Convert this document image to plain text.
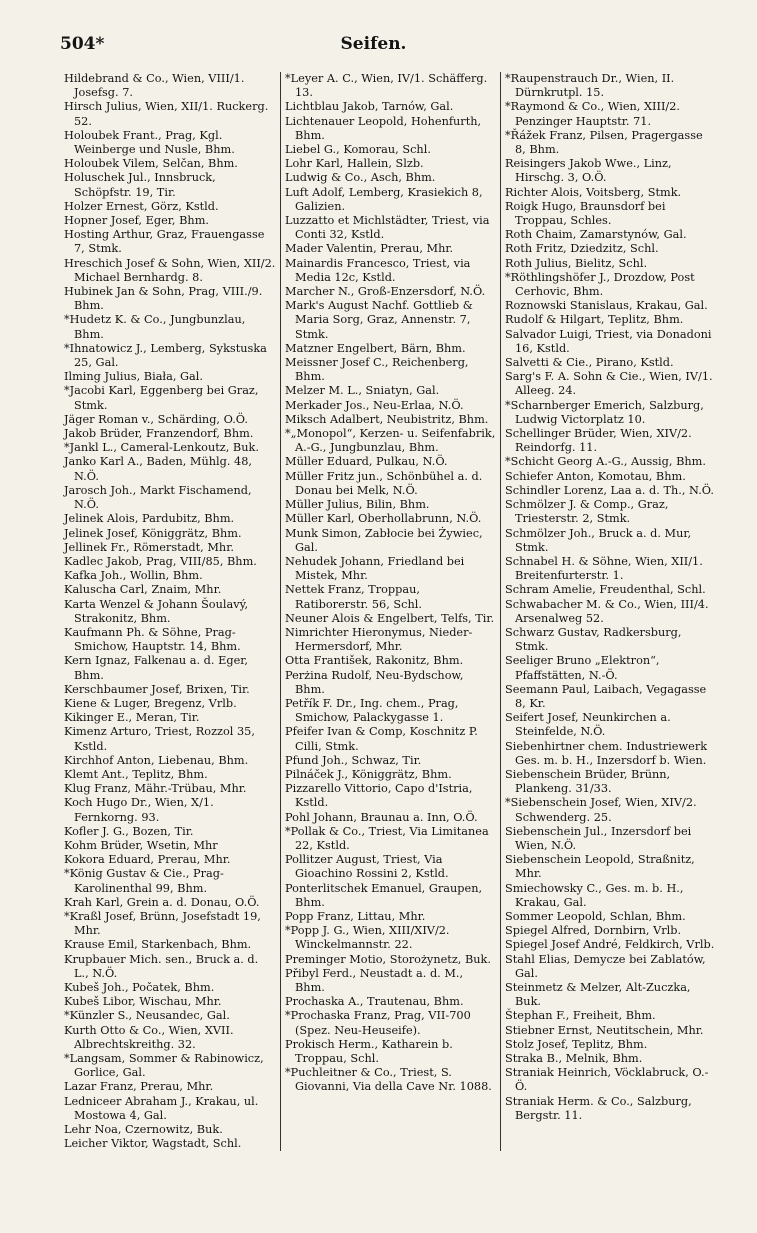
504*	Seifen.

Hildebrand & Co., Wien, VIII/1. Josefsg. 7.

Hirsch Julius, Wien, XII/1. Ruckerg. 52.

Holoubek Frant., Prag, Kgl. Weinberge und Nusle, Bhm.

Holoubek Vilem, Selčan, Bhm.

Holuschek Jul., Innsbruck, Schöpfstr. 19, Tir.

Holzer Ernest, Görz, Kstld.

Hopner Josef, Eger, Bhm.

Hosting Arthur, Graz, Frauengasse 7, Stmk.

Hreschich Josef & Sohn, Wien, XII/2. Michael Bernhardg. 8.

Hubinek Jan & Sohn, Prag, VIII./9. Bhm.

*Hudetz K. & Co., Jungbunzlau, Bhm.

*Ihnatowicz J., Lemberg, Sykstuska 25, Gal.

Ilming Julius, Biała, Gal.

*Jacobi Karl, Eggenberg bei Graz, Stmk.

Jäger Roman v., Schärding, O.Ö.

Jakob Brüder, Franzendorf, Bhm.

*Jankl L., Cameral-Lenkoutz, Buk.

Janko Karl A., Baden, Mühlg. 48, N.Ö.

Jarosch Joh., Markt Fischamend, N.Ö.

Jelinek Alois, Pardubitz, Bhm.

Jelinek Josef, Königgrätz, Bhm.

Jellinek Fr., Römerstadt, Mhr.

Kadlec Jakob, Prag, VIII/85, Bhm.

Kafka Joh., Wollin, Bhm.

Kalusch​a Carl, Znaim, Mhr.

Karta Wenzel & Johann Šoulavý, Strakonitz, Bhm.

Kaufmann Ph. & Söhne, Prag-Smichow, Hauptstr. 14, Bhm.

Kern Ignaz, Falkenau a. d. Eger, Bhm.

Kerschbaumer Josef, Brixen, Tir.

Kiene & Luger, Bregenz, Vrlb.

Kikinger E., Meran, Tir.

Kimenz Arturo, Triest, Rozzol 35, Kstld.

Kirchhof Anton, Liebenau, Bhm.

Klemt Ant., Teplitz, Bhm.

Klug Franz, Mähr.-Trübau, Mhr.

Koch Hugo Dr., Wien, X/1. Fernkorng. 93.

Kofler J. G., Bozen, Tir.

Kohm Brüder, Wsetin, Mhr

Kokora Eduard, Prerau, Mhr.

*König Gustav & Cie., Prag-Karolinenthal 99, Bhm.

Krah Karl, Grein a. d. Donau, O.Ö.

*Kraßl Josef, Brünn, Josefstadt 19, Mhr.

Krause Emil, Starkenbach, Bhm.

Krupbauer Mich. sen., Bruck a. d. L., N.Ö.

Kubeš Joh., Počatek, Bhm.

Kubeš Libor, Wischau, Mhr.

*Künzler S., Neusandec, Gal.

Kurth Otto & Co., Wien, XVII. Albrechtskreithg. 32.

*Langsam, Sommer & Rabinowicz, Gorlice, Gal.

Lazar Franz, Prerau, Mhr.

Ledniceer Abraham J., Krakau, ul. Mostowa 4, Gal.

Lehr Noa, Czernowitz, Buk.

Leicher Viktor, Wagstadt, Schl.

*Leyer A. C., Wien, IV/1. Schäfferg. 13.

Lichtblau Jakob, Tarnów, Gal.

Lichtenauer Leopold, Hohenfurth, Bhm.

Liebel G., Komorau, Schl.

Lohr Karl, Hallein, Slzb.

Ludwig & Co., Asch, Bhm.

Luft Adolf, Lemberg, Krasiekich 8, Galizien.

Luzzatto et Michlstädter, Triest, via Conti 32, Kstld.

Mader Valentin, Prerau, Mhr.

Mainardis Francesco, Triest, via Media 12c, Kstld.

Marcher N., Groß-Enzersdorf, N.Ö.

Mark's August Nachf. Gottlieb & Maria Sorg, Graz, Annenstr. 7, Stmk.

Matzner Engelbert, Bärn, Bhm.

Meissner Josef C., Reichenberg, Bhm.

Melzer M. L., Sniatyn, Gal.

Merkader Jos., Neu-Erlaa, N.Ö.

Miksch Adalbert, Neubistritz, Bhm.

*„Monopol“, Kerzen- u. Seifenfabrik, A.-G., Jungbunzlau, Bhm.

Müller Eduard, Pulkau, N.Ö.

Müller Fritz jun., Schönbühel a. d. Donau bei Melk, N.Ö.

Müller Julius, Bilin, Bhm.

Müller Karl, Oberhollabrunn, N.Ö.

Munk Simon, Zabłocie bei Żywiec, Gal.

Nehudek Johann, Friedland bei Mistek, Mhr.

Nettek Franz, Troppau, Ratiborerstr. 56, Schl.

Neuner Alois & Engelbert, Telfs, Tir.

Nimrichter Hieronymus, Nieder-Hermersdorf, Mhr.

Otta František, Rakonitz, Bhm.

Perżina Rudolf, Neu-Bydschow, Bhm.

Petřík F. Dr., Ing. chem., Prag, Smichow, Palackygasse 1.

Pfeifer Ivan & Comp, Koschnitz P. Cilli, Stmk.

Pfund Joh., Schwaz, Tir.

Pilnáček J., Königgrätz, Bhm.

Pizzarello Vittorio, Capo d'Istria, Kstld.

Pohl Johann, Braunau a. Inn, O.Ö.

*Pollak & Co., Triest, Via Limitanea 22, Kstld.

Pollitzer August, Triest, Via Gioachino Rossini 2, Kstld.

Ponterlitschek Emanuel, Graupen, Bhm.

Popp Franz, Littau, Mhr.

*Popp J. G., Wien, XIII/XIV/2. Winckelmannstr. 22.

Preminger Motio, Storożynetz, Buk.

Přibyl Ferd., Neustadt a. d. M., Bhm.

Prochaska A., Trautenau, Bhm.

*Prochaska Franz, Prag, VII-700 (Spez. Neu-Heuseife).

Prokisch Herm., Katharein b. Troppau, Schl.

*Puchleitner & Co., Triest, S. Giovanni, Via della Cave Nr. 1088.

*Raupenstrauch Dr., Wien, II. Dürnkrutpl. 15.

*Raymond & Co., Wien, XIII/2. Penzinger Hauptstr. 71.

*Řážek Franz, Pilsen, Pragergasse 8, Bhm.

Reisingers Jakob Wwe., Linz, Hirschg. 3, O.Ö.

Richter Alois, Voitsberg, Stmk.

Roigk Hugo, Braunsdorf bei Troppau, Schles.

Roth Chaim, Zamarstynów, Gal.

Roth Fritz, Dziedzitz, Schl.

Roth Julius, Bielitz, Schl.

*Röthlingshöfer J., Drozdow, Post Cerhovic, Bhm.

Roznowski Stanislaus, Krakau, Gal.

Rudolf & Hilgart, Teplitz, Bhm.

Salvador Luigi, Triest, via Donadoni 16, Kstld.

Salvetti & Cie., Pirano, Kstld.

Sarg's F. A. Sohn & Cie., Wien, IV/1. Alleeg. 24.

*Scharnberger Emerich, Salzburg, Ludwig Victorplatz 10.

Schellinger Brüder, Wien, XIV/2. Reindorfg. 11.

*Schicht Georg A.-G., Aussig, Bhm.

Schiefer Anton, Komotau, Bhm.

Schindler Lorenz, Laa a. d. Th., N.Ö.

Schmölzer J. & Comp., Graz, Triesterstr. 2, Stmk.

Schmölzer Joh., Bruck a. d. Mur, Stmk.

Schnabel H. & Söhne, Wien, XII/1. Breitenfurterstr. 1.

Schram Amelie, Freudenthal, Schl.

Schwabacher M. & Co., Wien, III/4. Arsenalweg 52.

Schwarz Gustav, Radkersburg, Stmk.

Seeliger Bruno „Elektron“, Pfaffstätten, N.-Ö.

Seemann Paul, Laibach, Vegagasse 8, Kr.

Seifert Josef, Neunkirchen a. Steinfelde, N.Ö.

Siebenhirtner chem. Industriewerk Ges. m. b. H., Inzersdorf b. Wien.

Siebenschein Brüder, Brünn, Plankeng. 31/33.

*Siebenschein Josef, Wien, XIV/2. Schwenderg. 25.

Siebenschein Jul., Inzersdorf bei Wien, N.Ö.

Siebenschein Leopold, Straßnitz, Mhr.

Smiechowsky C., Ges. m. b. H., Krakau, Gal.

Sommer Leopold, Schlan, Bhm.

Spiegel Alfred, Dornbirn, Vrlb.

Spiegel Josef André, Feldkirch, Vrlb.

Stahl Elias, Demycze bei Zablatów, Gal.

Steinmetz & Melzer, Alt-Zuczka, Buk.

Štephan F., Freiheit, Bhm.

Stiebner Ernst, Neutitschein, Mhr.

Stolz Josef, Teplitz, Bhm.

Straka B., Melnik, Bhm.

Straniak Heinrich, Vöcklabruck, O.-Ö.

Straniak Herm. & Co., Salzburg, Bergstr. 11.
